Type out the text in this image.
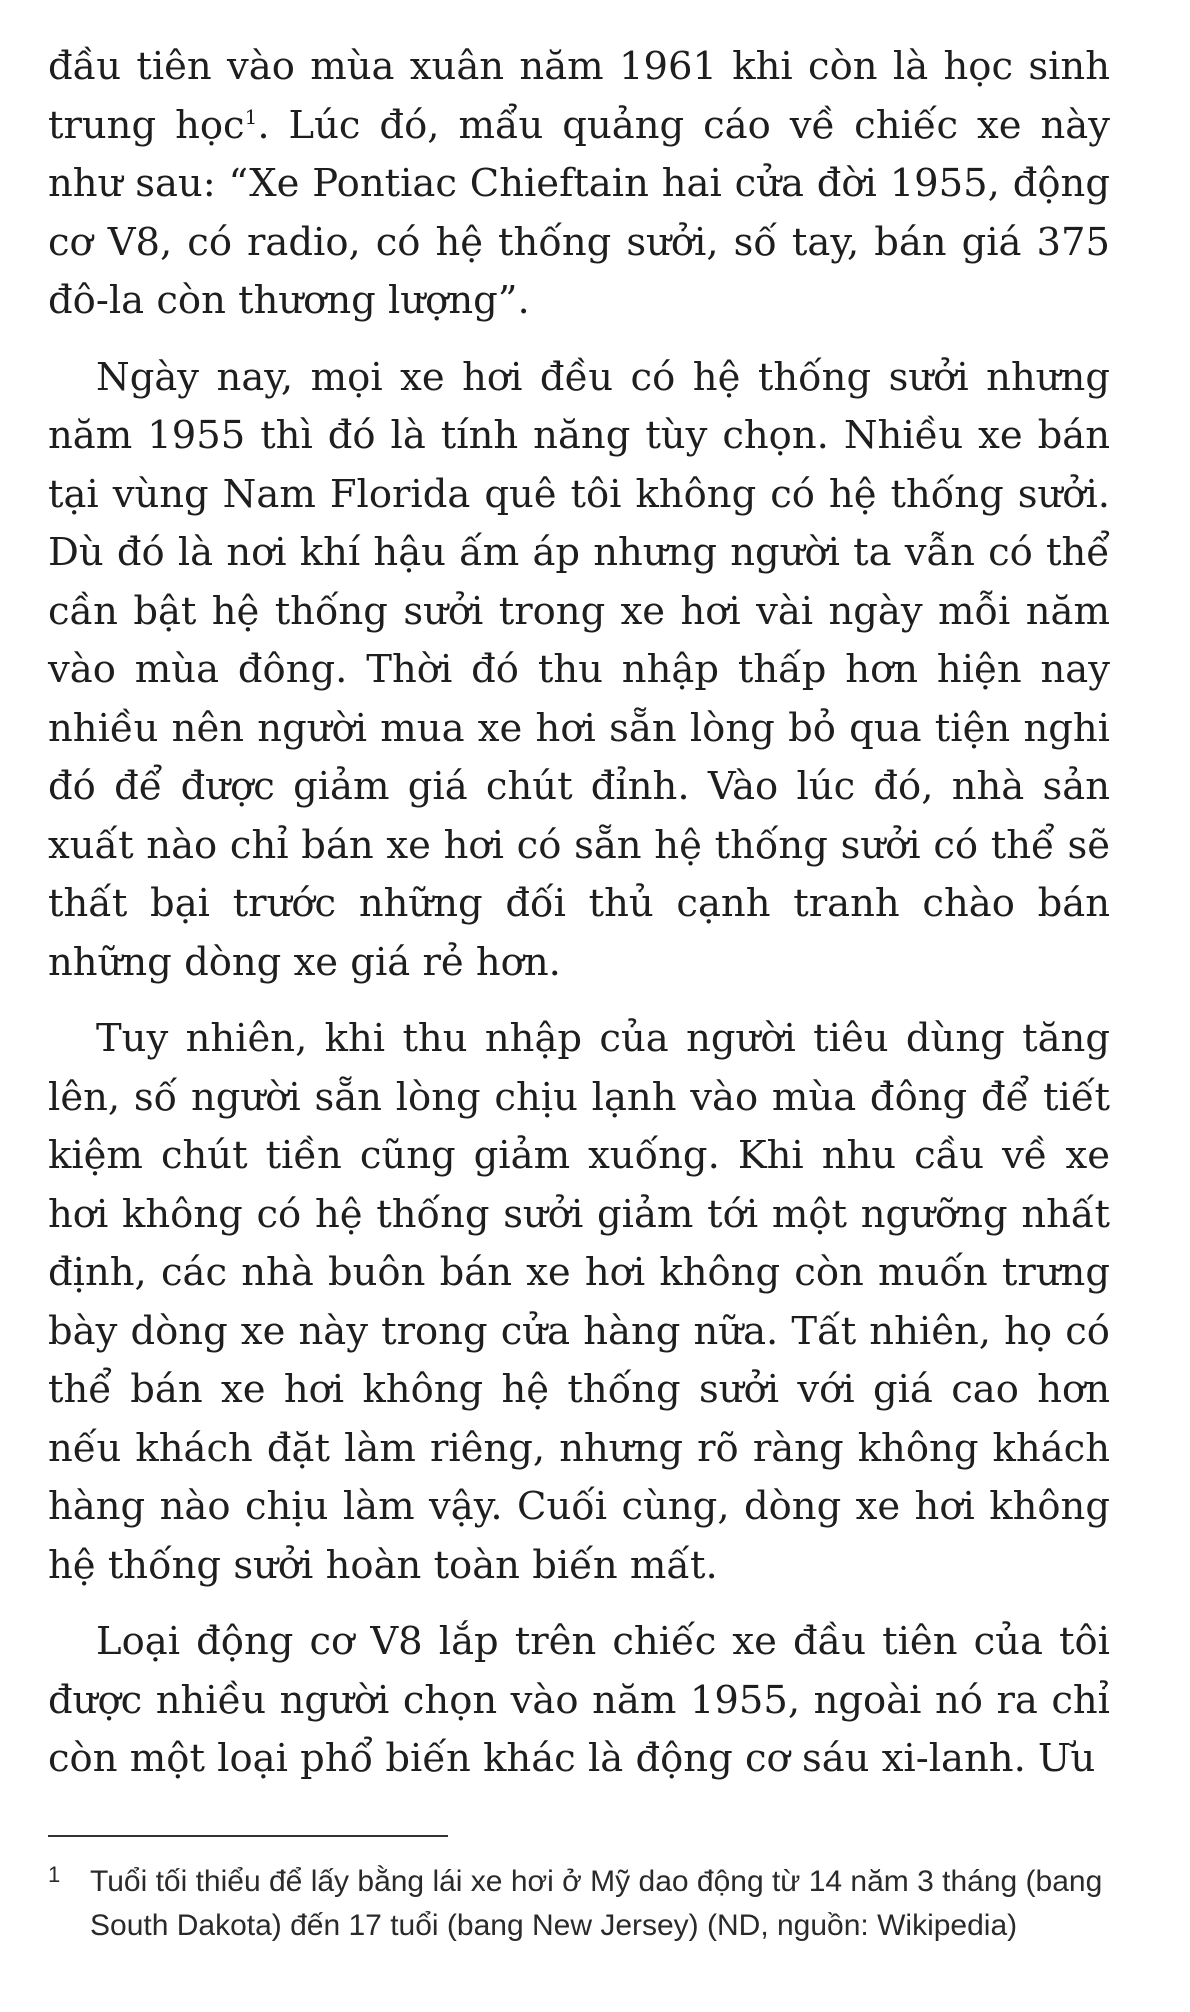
đầu tiên vào mùa xuân năm 1961 khi còn là học sinh trung học$^1$. Lúc đó, mẩu quảng cáo về chiếc xe này như sau: “Xe Pontiac Chieftain hai cửa đời 1955, động cơ V8, có radio, có hệ thống sưởi, số tay, bán giá 375 đô-la còn thương lượng”.

Ngày nay, mọi xe hơi đều có hệ thống sưởi nhưng năm 1955 thì đó là tính năng tùy chọn. Nhiều xe bán tại vùng Nam Florida quê tôi không có hệ thống sưởi. Dù đó là nơi khí hậu ấm áp nhưng người ta vẫn có thể cần bật hệ thống sưởi trong xe hơi vài ngày mỗi năm vào mùa đông. Thời đó thu nhập thấp hơn hiện nay nhiều nên người mua xe hơi sẵn lòng bỏ qua tiện nghi đó để được giảm giá chút đỉnh. Vào lúc đó, nhà sản xuất nào chỉ bán xe hơi có sẵn hệ thống sưởi có thể sẽ thất bại trước những đối thủ cạnh tranh chào bán những dòng xe giá rẻ hơn.

Tuy nhiên, khi thu nhập của người tiêu dùng tăng lên, số người sẵn lòng chịu lạnh vào mùa đông để tiết kiệm chút tiền cũng giảm xuống. Khi nhu cầu về xe hơi không có hệ thống sưởi giảm tới một ngưỡng nhất định, các nhà buôn bán xe hơi không còn muốn trưng bày dòng xe này trong cửa hàng nữa. Tất nhiên, họ có thể bán xe hơi không hệ thống sưởi với giá cao hơn nếu khách đặt làm riêng, nhưng rõ ràng không khách hàng nào chịu làm vậy. Cuối cùng, dòng xe hơi không hệ thống sưởi hoàn toàn biến mất.

Loại động cơ V8 lắp trên chiếc xe đầu tiên của tôi được nhiều người chọn vào năm 1955, ngoài nó ra chỉ còn một loại phổ biến khác là động cơ sáu xi-lanh. Ưu

1 Tuổi tối thiểu để lấy bằng lái xe hơi ở Mỹ dao động từ 14 năm 3 tháng (bang South Dakota) đến 17 tuổi (bang New Jersey) (ND, nguồn: Wikipedia)
